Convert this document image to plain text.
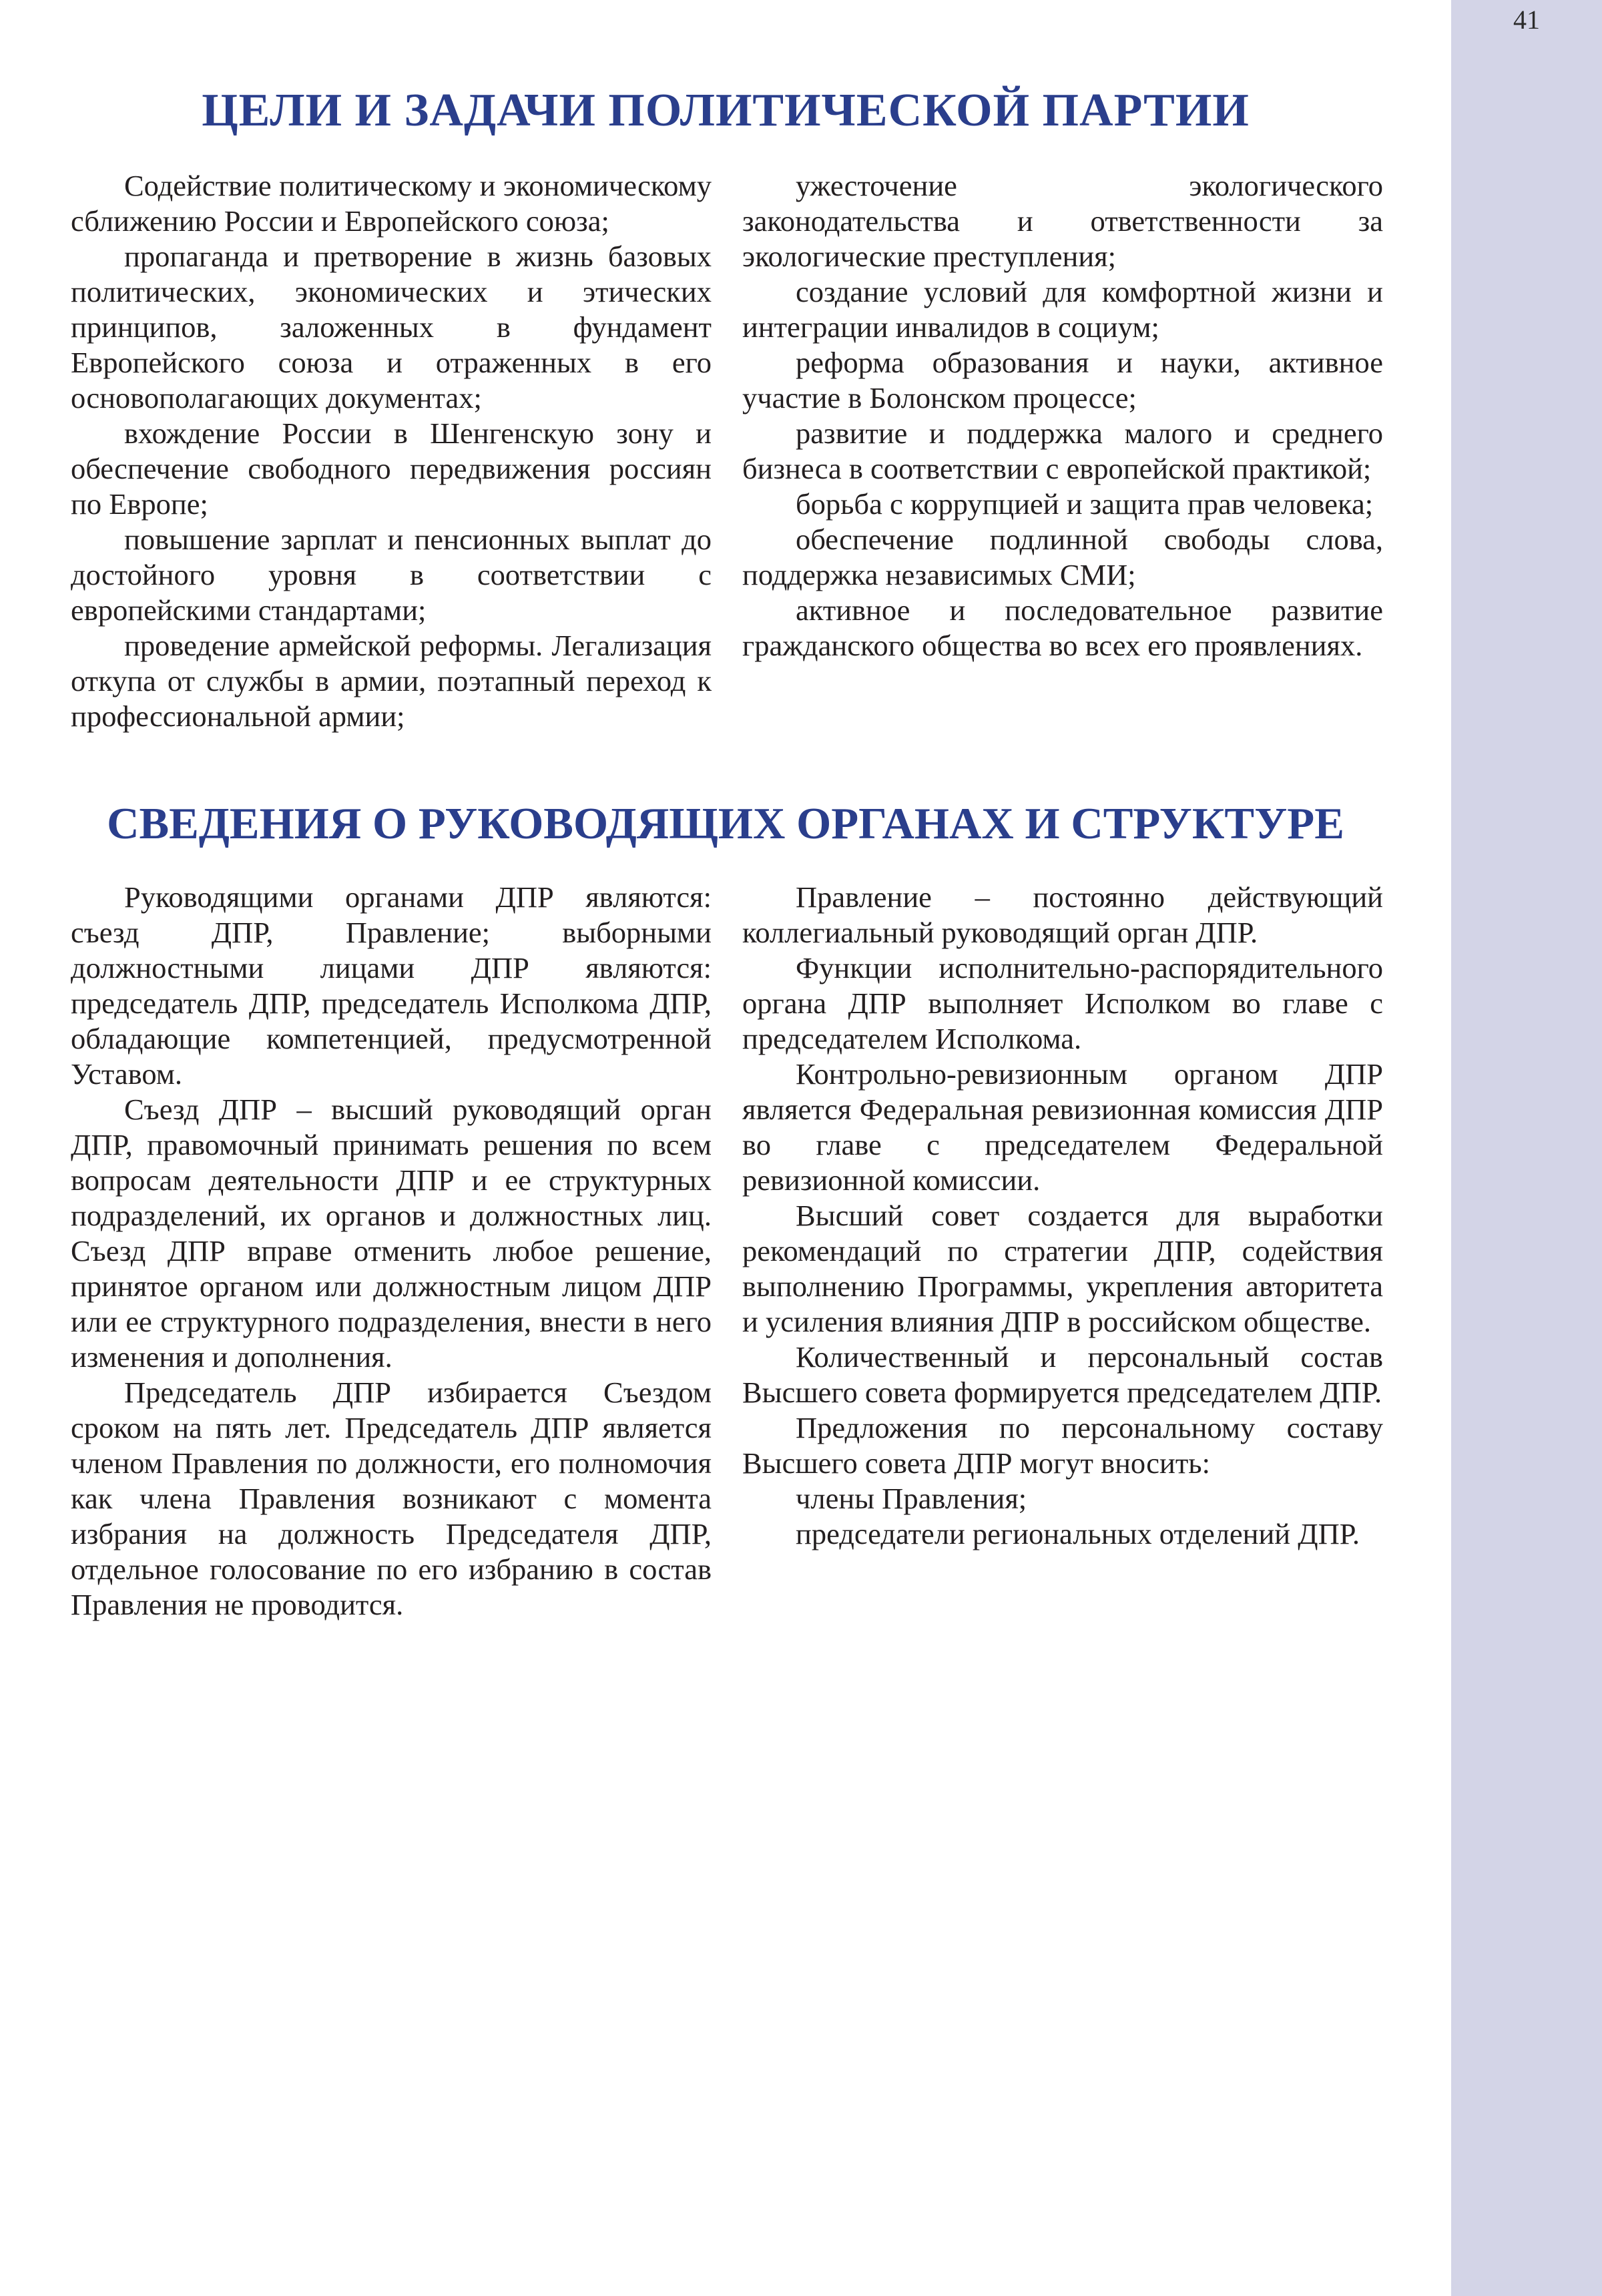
41
ЦЕЛИ И ЗАДАЧИ ПОЛИТИЧЕСКОЙ ПАРТИИ

Содействие политическому и экономическому сближению России и Европейского союза;

пропаганда и претворение в жизнь базовых политических, экономических и этических принципов, заложенных в фундамент Европейского союза и отраженных в его основополагающих документах;

вхождение России в Шенгенскую зону и обеспечение свободного передвижения россиян по Европе;

повышение зарплат и пенсионных выплат до достойного уровня в соответствии с европейскими стандартами;

проведение армейской реформы. Легализация откупа от службы в армии, поэтапный переход к профессиональной армии;

ужесточение экологического законодательства и ответственности за экологические преступления;

создание условий для комфортной жизни и интеграции инвалидов в социум;

реформа образования и науки, активное участие в Болонском процессе;

развитие и поддержка малого и среднего бизнеса в соответствии с европейской практикой;

борьба с коррупцией и защита прав человека;

обеспечение подлинной свободы слова, поддержка независимых СМИ;

активное и последовательное развитие гражданского общества во всех его проявлениях.

СВЕДЕНИЯ О РУКОВОДЯЩИХ ОРГАНАХ И СТРУКТУРЕ

Руководящими органами ДПР являются: съезд ДПР, Правление; выборными должностными лицами ДПР являются: председатель ДПР, председатель Исполкома ДПР, обладающие компетенцией, предусмотренной Уставом.

Съезд ДПР – высший руководящий орган ДПР, правомочный принимать решения по всем вопросам деятельности ДПР и ее структурных подразделений, их органов и должностных лиц. Съезд ДПР вправе отменить любое решение, принятое органом или должностным лицом ДПР или ее структурного подразделения, внести в него изменения и дополнения.

Председатель ДПР избирается Съездом сроком на пять лет. Председатель ДПР является членом Правления по должности, его полномочия как члена Правления возникают с момента избрания на должность Председателя ДПР, отдельное голосование по его избранию в состав Правления не проводится.

Правление – постоянно действующий коллегиальный руководящий орган ДПР.

Функции исполнительно-распорядительного органа ДПР выполняет Исполком во главе с председателем Исполкома.

Контрольно-ревизионным органом ДПР является Федеральная ревизионная комиссия ДПР во главе с председателем Федеральной ревизионной комиссии.

Высший совет создается для выработки рекомендаций по стратегии ДПР, содействия выполнению Программы, укрепления авторитета и усиления влияния ДПР в российском обществе.

Количественный и персональный состав Высшего совета формируется председателем ДПР.

Предложения по персональному составу Высшего совета ДПР могут вносить:

члены Правления;

председатели региональных отделений ДПР.
